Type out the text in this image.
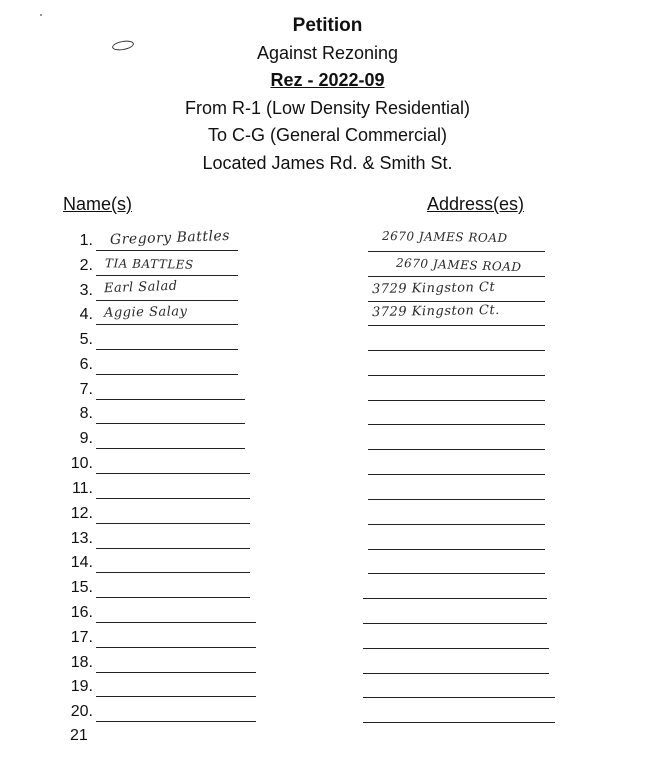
Petition
Against Rezoning
Rez - 2022-09
From R-1 (Low Density Residential)
To C-G (General Commercial)
Located James Rd. & Smith St.
Name(s)	Address(es)
1. Gregory Battles	2670 JAMES ROAD
2. TIA BATTLES	2670 JAMES ROAD
3. Earl Salad	3729 Kingston Ct
4. Aggie Salay	3729 Kingston Ct.
5.
6.
7.
8.
9.
10.
11.
12.
13.
14.
15.
16.
17.
18.
19.
20.
21
